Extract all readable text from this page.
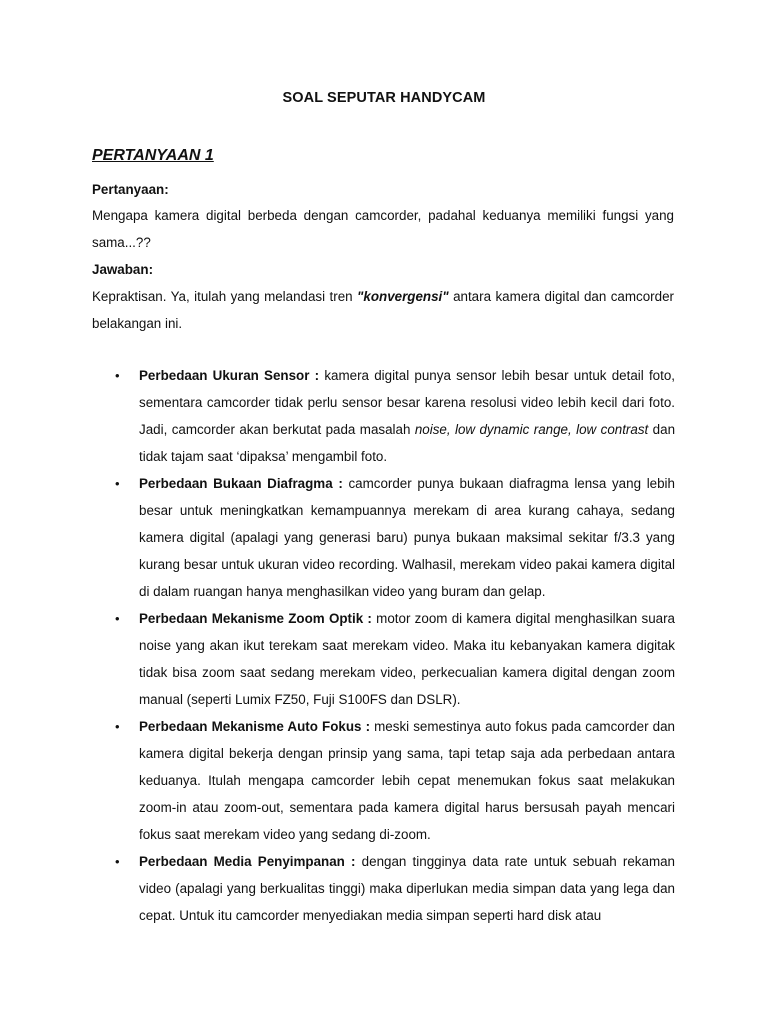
SOAL SEPUTAR HANDYCAM
PERTANYAAN 1
Pertanyaan:
Mengapa kamera digital berbeda dengan camcorder, padahal keduanya memiliki fungsi yang sama...??
Jawaban:
Kepraktisan. Ya, itulah yang melandasi tren "konvergensi" antara kamera digital dan camcorder belakangan ini.
• Perbedaan Ukuran Sensor : kamera digital punya sensor lebih besar untuk detail foto, sementara camcorder tidak perlu sensor besar karena resolusi video lebih kecil dari foto. Jadi, camcorder akan berkutat pada masalah noise, low dynamic range, low contrast dan tidak tajam saat ‘dipaksa’ mengambil foto.
• Perbedaan Bukaan Diafragma : camcorder punya bukaan diafragma lensa yang lebih besar untuk meningkatkan kemampuannya merekam di area kurang cahaya, sedang kamera digital (apalagi yang generasi baru) punya bukaan maksimal sekitar f/3.3 yang kurang besar untuk ukuran video recording. Walhasil, merekam video pakai kamera digital di dalam ruangan hanya menghasilkan video yang buram dan gelap.
• Perbedaan Mekanisme Zoom Optik : motor zoom di kamera digital menghasilkan suara noise yang akan ikut terekam saat merekam video. Maka itu kebanyakan kamera digitak tidak bisa zoom saat sedang merekam video, perkecualian kamera digital dengan zoom manual (seperti Lumix FZ50, Fuji S100FS dan DSLR).
• Perbedaan Mekanisme Auto Fokus : meski semestinya auto fokus pada camcorder dan kamera digital bekerja dengan prinsip yang sama, tapi tetap saja ada perbedaan antara keduanya. Itulah mengapa camcorder lebih cepat menemukan fokus saat melakukan zoom-in atau zoom-out, sementara pada kamera digital harus bersusah payah mencari fokus saat merekam video yang sedang di-zoom.
• Perbedaan Media Penyimpanan : dengan tingginya data rate untuk sebuah rekaman video (apalagi yang berkualitas tinggi) maka diperlukan media simpan data yang lega dan cepat. Untuk itu camcorder menyediakan media simpan seperti hard disk atau
